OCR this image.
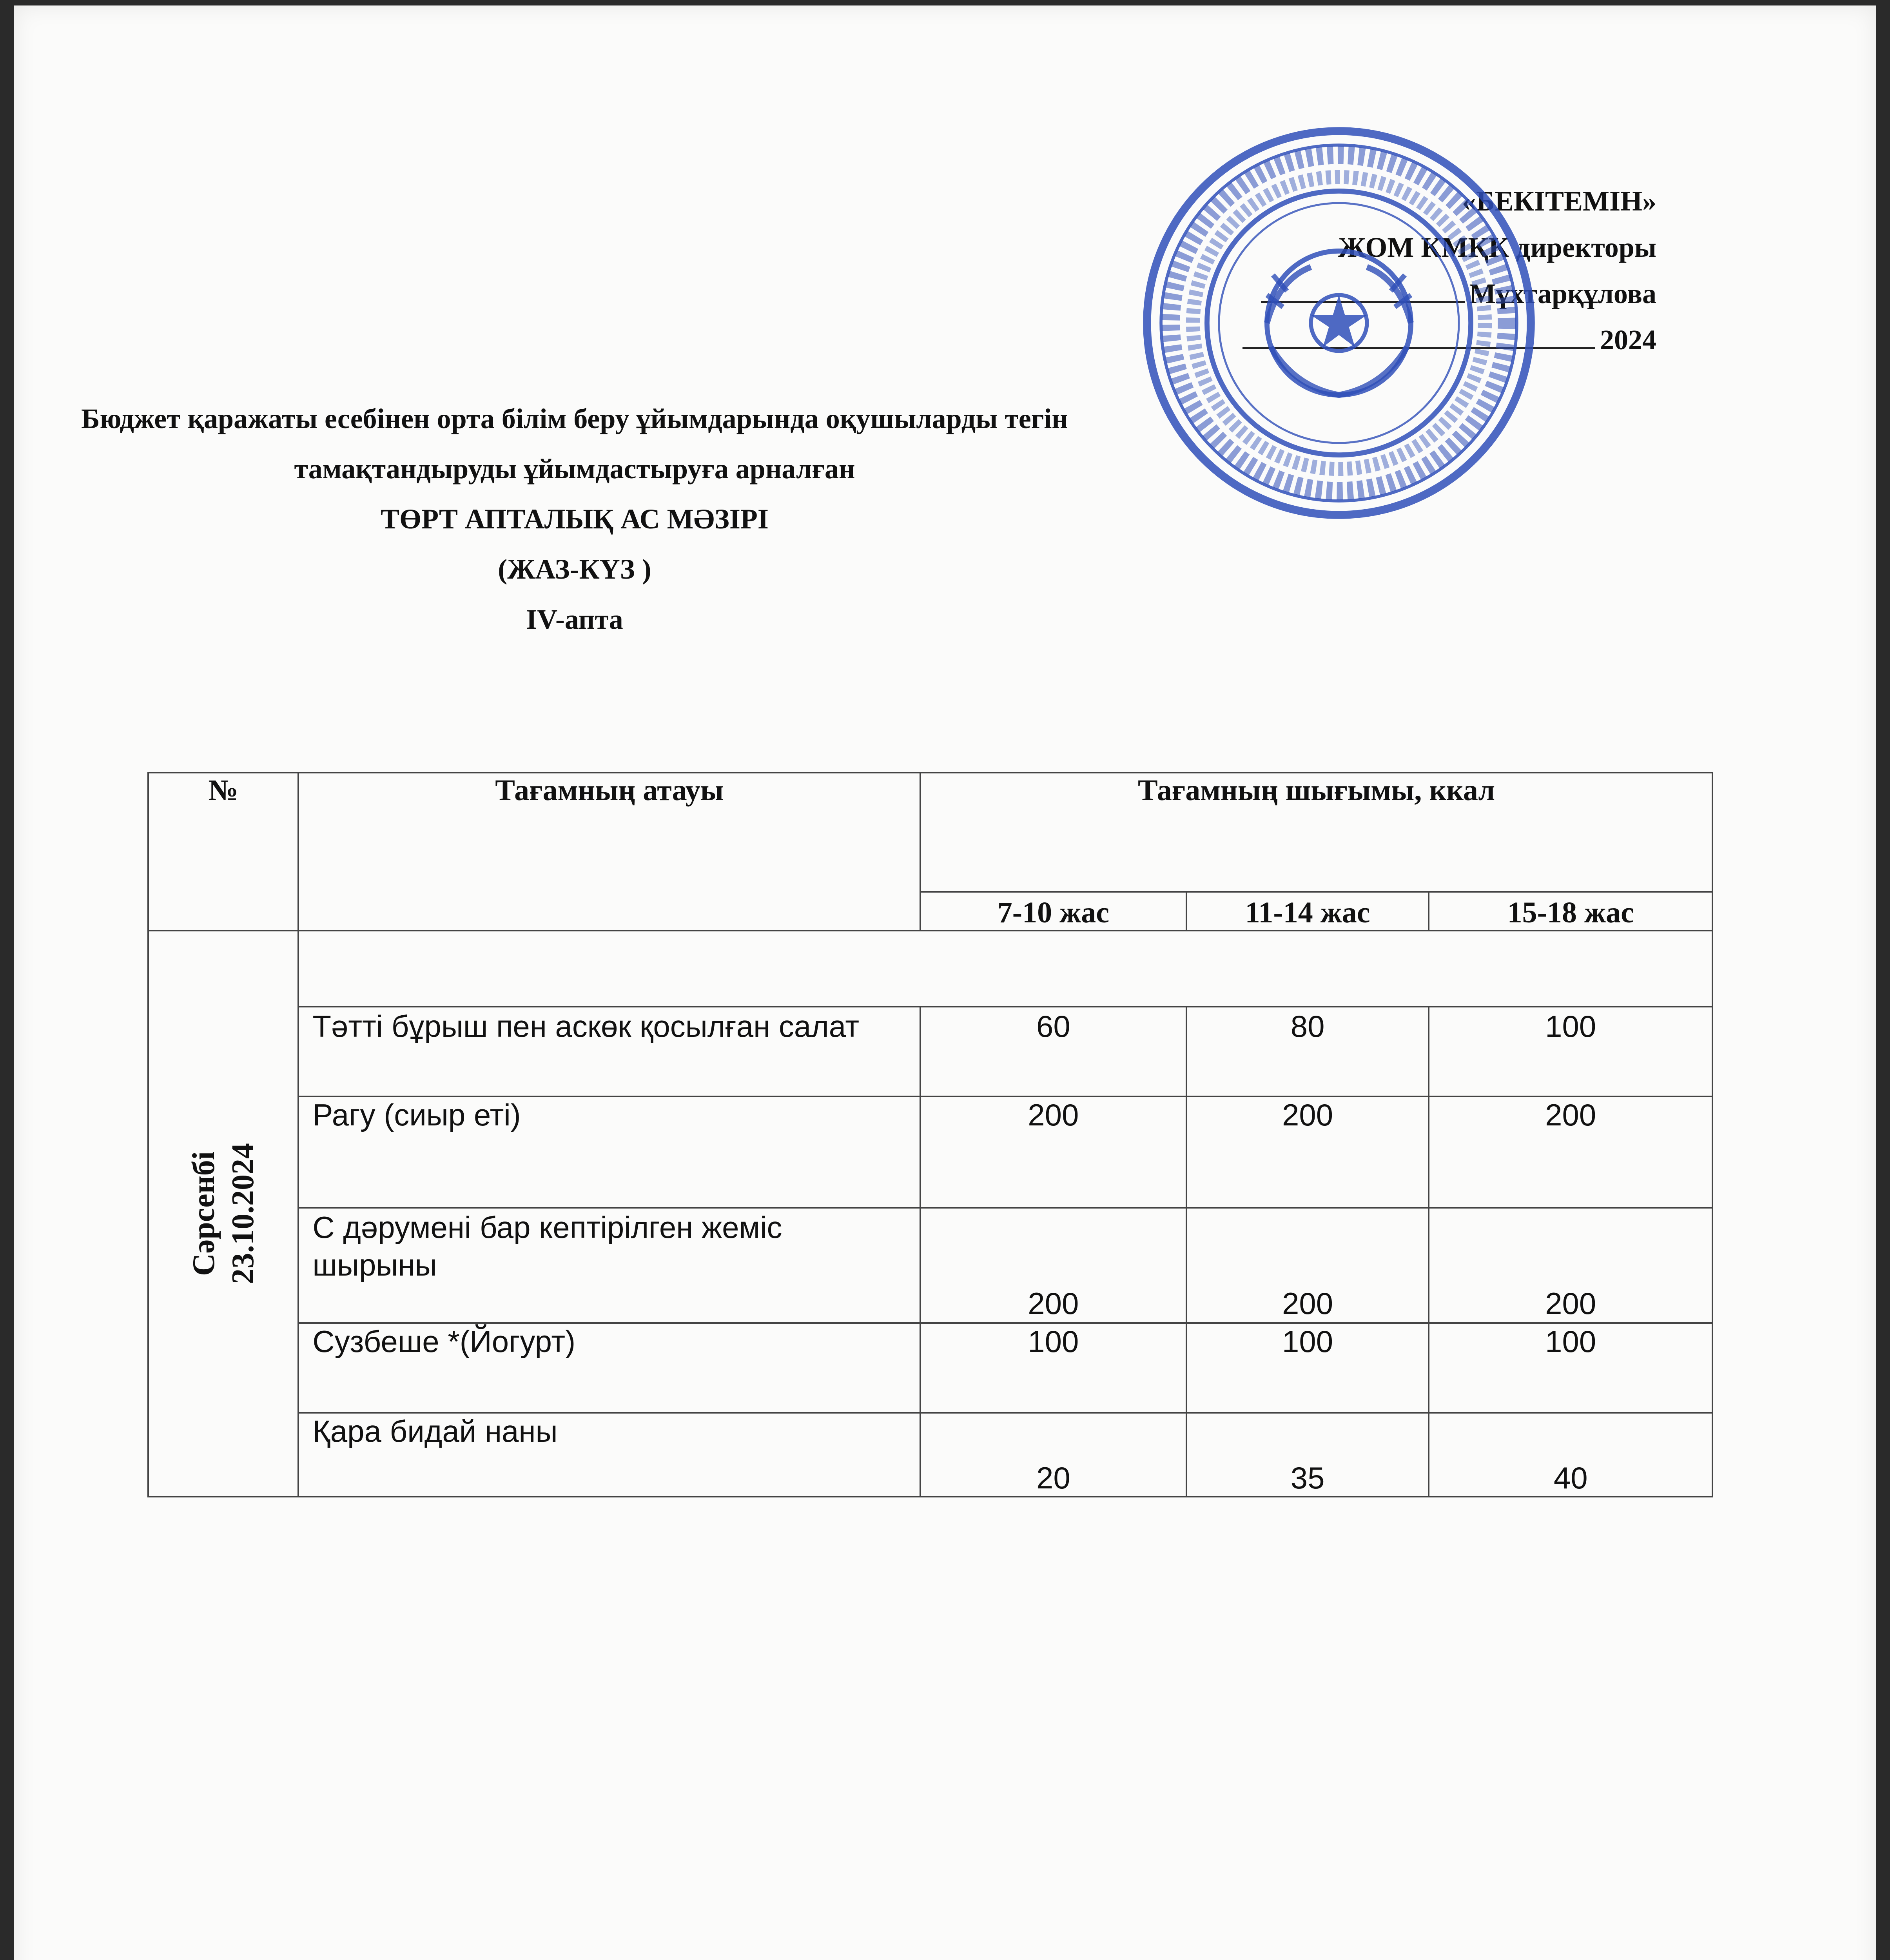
«БЕКІТЕМІН»
ЖОМ КМҚК директоры
Мұхтарқұлова
2024
Бюджет қаражаты есебінен орта білім беру ұйымдарында оқушыларды тегін
тамақтандыруды ұйымдастыруға арналған
ТӨРТ АПТАЛЫҚ АС МӘЗІРІ
(ЖАЗ-КҮЗ )
IV-апта
№	Тағамның атауы	Тағамның шығымы, ккал		
		7-10 жас	11-14 жас	15-18 жас

Сәрсенбі 23.10.2024				

	Тәтті бұрыш пен аскөк қосылған салат	60	80	100
	Рагу (сиыр еті)	200	200	200
	С дәрумені бар кептірілген жеміс шырыны	200	200	200
	Сузбеше *(Йогурт)	100	100	100
	Қара бидай наны	20	35	40
